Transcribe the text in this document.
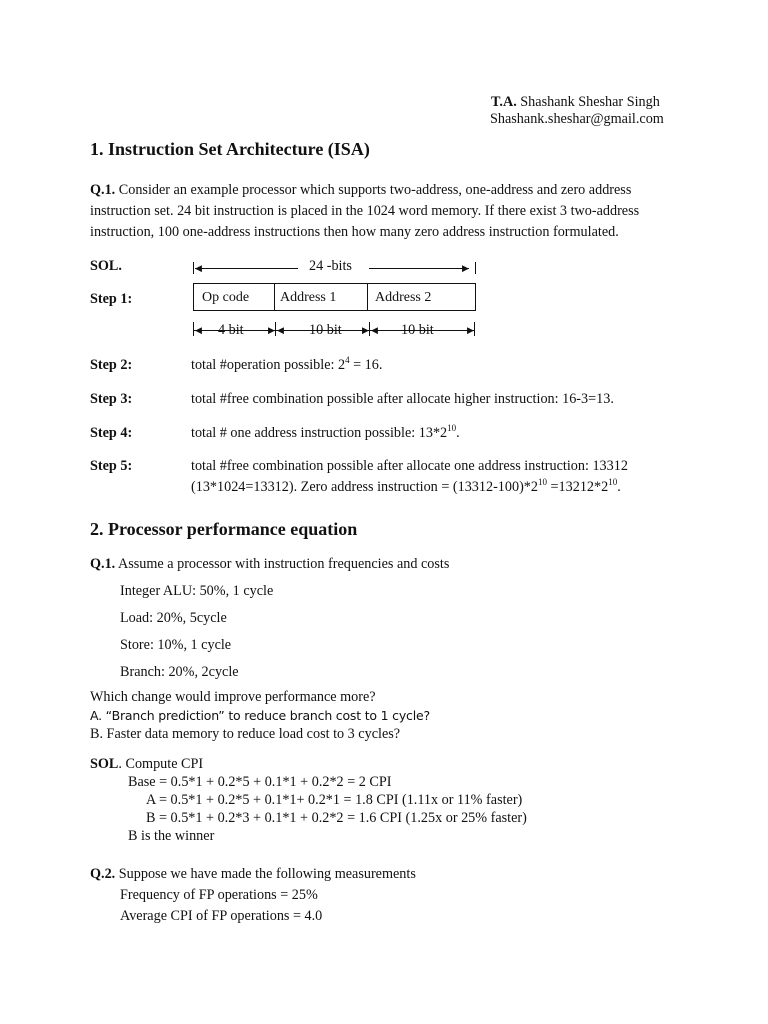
T.A. Shashank Sheshar Singh
Shashank.sheshar@gmail.com
1. Instruction Set Architecture (ISA)
Q.1. Consider an example processor which supports two-address, one-address and zero address
instruction set. 24 bit instruction is placed in the 1024 word memory. If there exist 3 two-address
instruction, 100 one-address instructions then how many zero address instruction formulated.
SOL.	◀	24 -bits	▶
Op code	Address 1	Address 2
◀	▶ ◀	▶ ◀	▶
4 bit	10 bit	10 bit
Step 1:
Step 2:	total #operation possible: $2^4 = 16$.
Step 3:	total #free combination possible after allocate higher instruction: 16-3=13.
Step 4:	total # one address instruction possible: $13*2^{10}$.
Step 5:	total #free combination possible after allocate one address instruction: 13312
(13*1024=13312). Zero address instruction = $(13312-100)*2^{10} =13212*2^{10}$.
2. Processor performance equation
Q.1. Assume a processor with instruction frequencies and costs
Integer ALU: 50%, 1 cycle
Load: 20%, 5cycle
Store: 10%, 1 cycle
Branch: 20%, 2cycle
Which change would improve performance more?
A. “Branch prediction” to reduce branch cost to 1 cycle?
B. Faster data memory to reduce load cost to 3 cycles?
SOL. Compute CPI
Base = 0.5*1 + 0.2*5 + 0.1*1 + 0.2*2 = 2 CPI
A = 0.5*1 + 0.2*5 + 0.1*1+ 0.2*1 = 1.8 CPI (1.11x or 11% faster)
B = 0.5*1 + 0.2*3 + 0.1*1 + 0.2*2 = 1.6 CPI (1.25x or 25% faster)
B is the winner
Q.2. Suppose we have made the following measurements
Frequency of FP operations = 25%
Average CPI of FP operations = 4.0
